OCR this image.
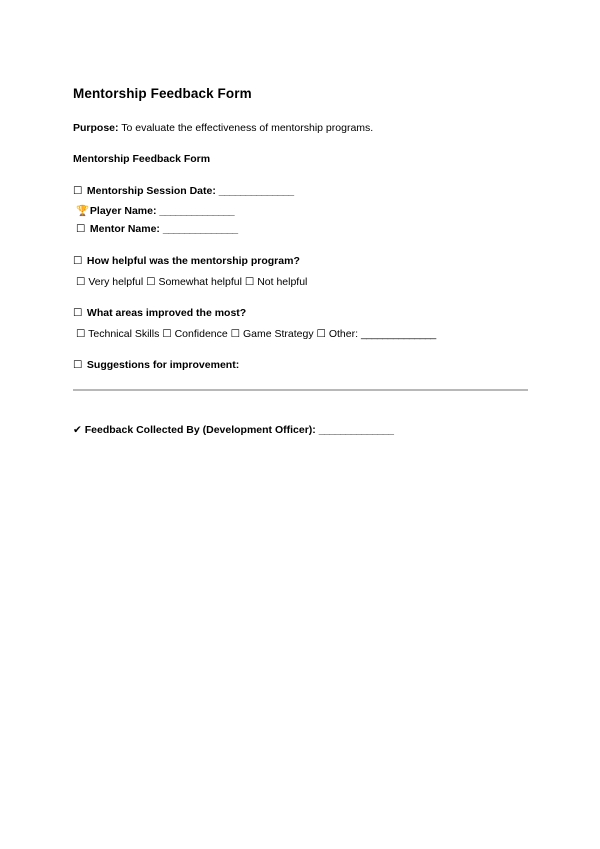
Mentorship Feedback Form
Purpose: To evaluate the effectiveness of mentorship programs.
Mentorship Feedback Form
☐ Mentorship Session Date: ______________
🏆 Player Name: ______________
☐ Mentor Name: ______________
☐ How helpful was the mentorship program?
☐ Very helpful ☐ Somewhat helpful ☐ Not helpful
☐ What areas improved the most?
☐ Technical Skills ☐ Confidence ☐ Game Strategy ☐ Other: ______________
☐ Suggestions for improvement:
✔ Feedback Collected By (Development Officer): ______________
